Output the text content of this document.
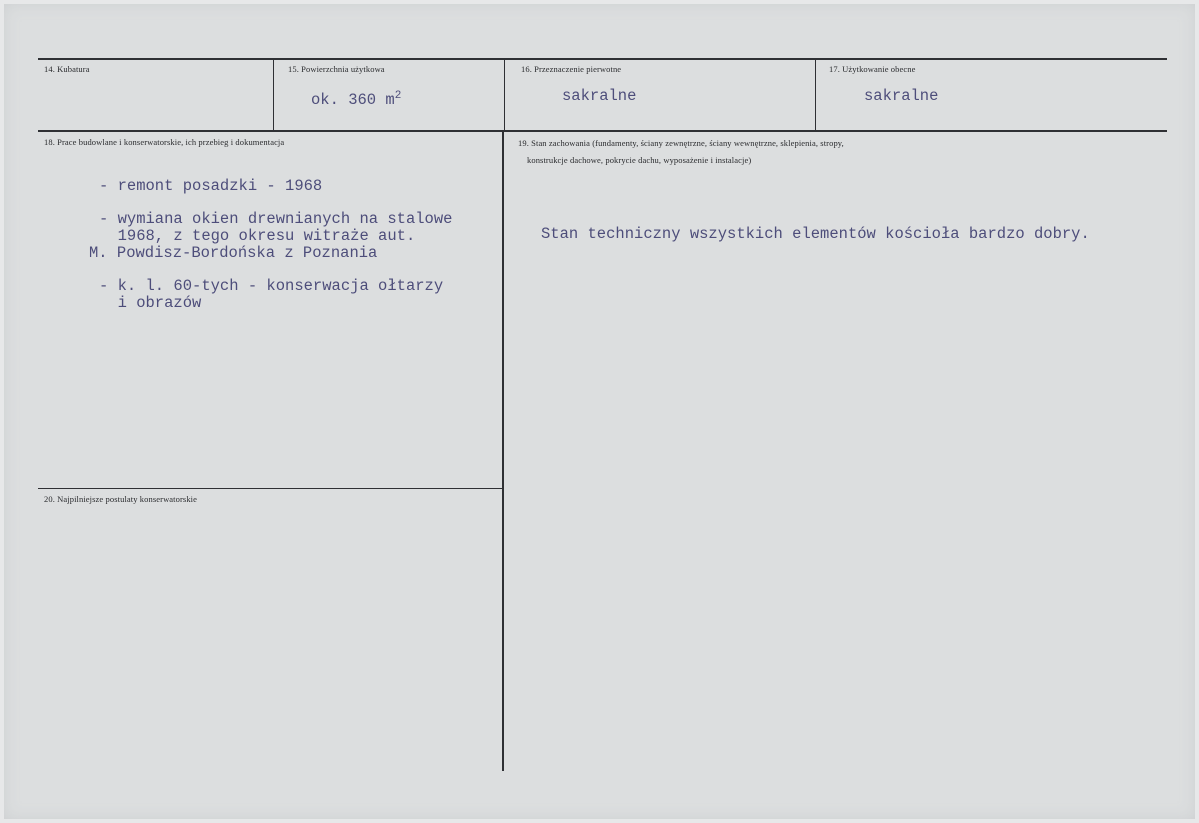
14. Kubatura	15. Powierzchnia użytkowa
ok. 360 $m^2$
16. Przeznaczenie pierwotne
sakralne
17. Użytkowanie obecne
sakralne
18. Prace budowlane i konserwatorskie, ich przebieg i dokumentacja
- remont posadzki - 1968
- wymiana okien drewnianych na stalowe
1968, z tego okresu witraże aut.
M. Powdisz-Bordońska z Poznania
- k. l. 60-tych - konserwacja ołtarzy
i obrazów
19. Stan zachowania (fundamenty, ściany zewnętrzne, ściany wewnętrzne, sklepienia, stropy,
konstrukcje dachowe, pokrycie dachu, wyposażenie i instalacje)
Stan techniczny wszystkich elementów kościoła bardzo dobry.
20. Najpilniejsze postulaty konserwatorskie
